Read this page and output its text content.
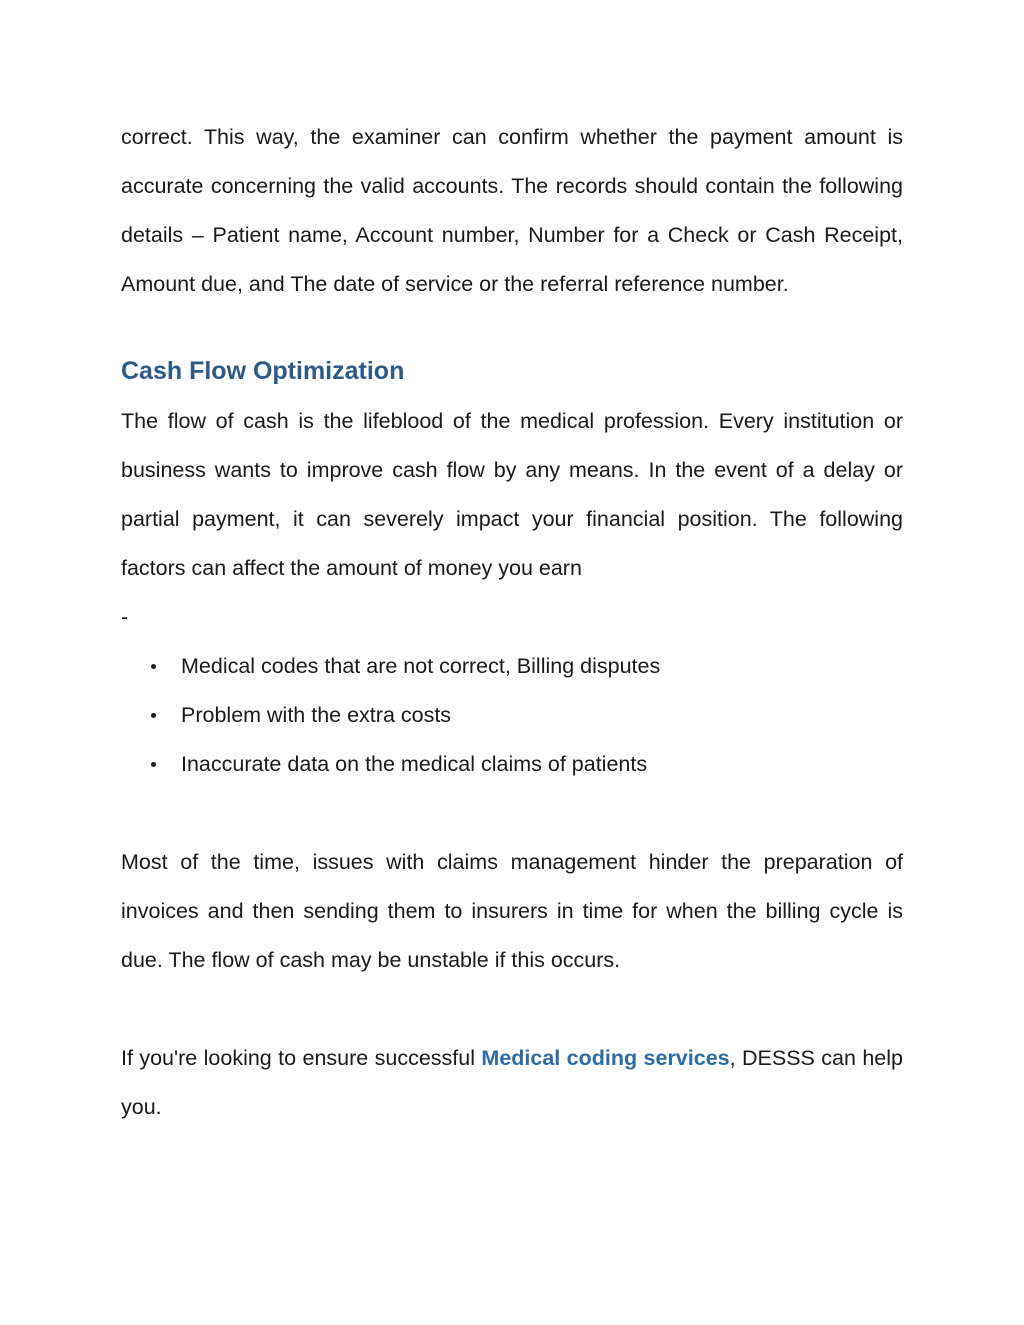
correct. This way, the examiner can confirm whether the payment amount is accurate concerning the valid accounts. The records should contain the following details – Patient name, Account number, Number for a Check or Cash Receipt, Amount due, and The date of service or the referral reference number.

Cash Flow Optimization

The flow of cash is the lifeblood of the medical profession. Every institution or business wants to improve cash flow by any means. In the event of a delay or partial payment, it can severely impact your financial position. The following factors can affect the amount of money you earn

-

Medical codes that are not correct, Billing disputes
Problem with the extra costs
Inaccurate data on the medical claims of patients

Most of the time, issues with claims management hinder the preparation of invoices and then sending them to insurers in time for when the billing cycle is due. The flow of cash may be unstable if this occurs.

If you're looking to ensure successful Medical coding services, DESSS can help you.
